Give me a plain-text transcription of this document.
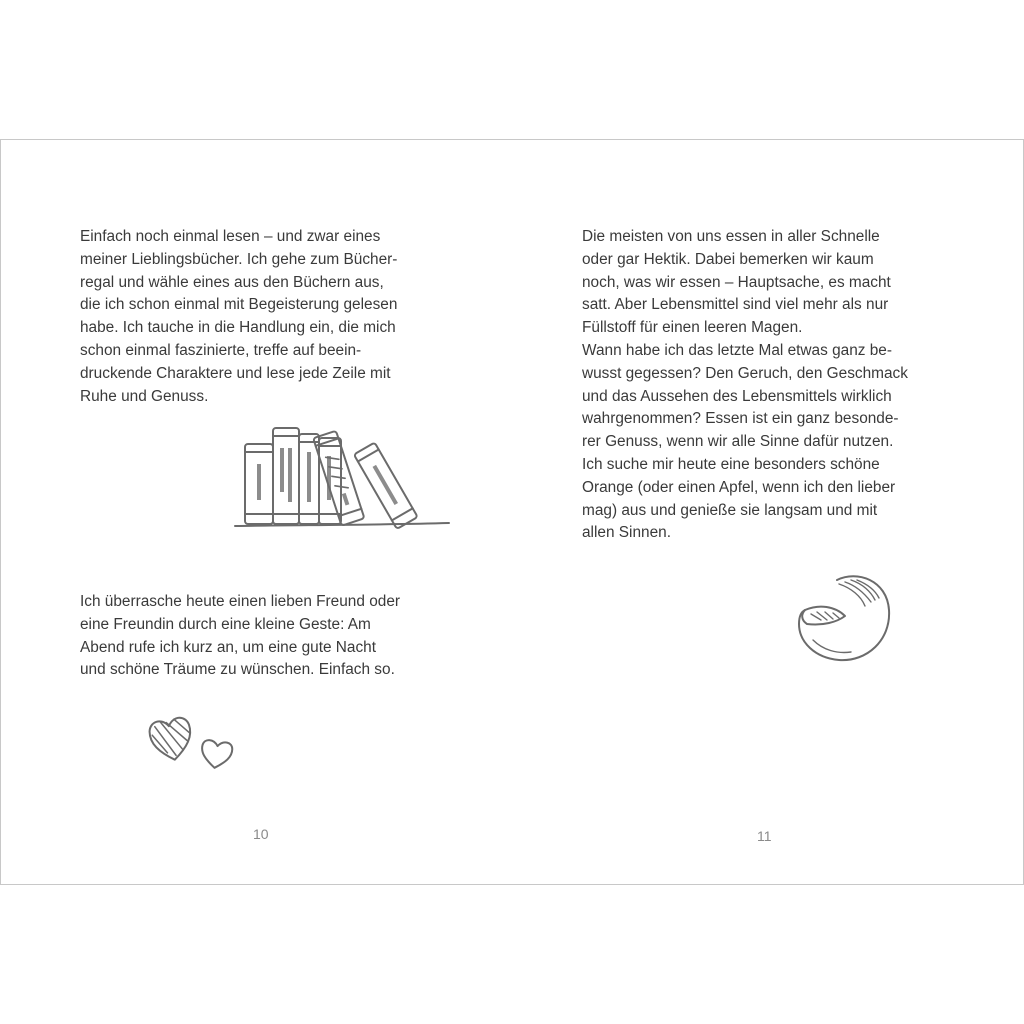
Einfach noch einmal lesen – und zwar eines
meiner Lieblingsbücher. Ich gehe zum Bücher-
regal und wähle eines aus den Büchern aus,
die ich schon einmal mit Begeisterung gelesen
habe. Ich tauche in die Handlung ein, die mich
schon einmal faszinierte, treffe auf beein-
druckende Charaktere und lese jede Zeile mit
Ruhe und Genuss.

Ich überrasche heute einen lieben Freund oder
eine Freundin durch eine kleine Geste: Am
Abend rufe ich kurz an, um eine gute Nacht
und schöne Träume zu wünschen. Einfach so.

10

Die meisten von uns essen in aller Schnelle
oder gar Hektik. Dabei bemerken wir kaum
noch, was wir essen – Hauptsache, es macht
satt. Aber Lebensmittel sind viel mehr als nur
Füllstoff für einen leeren Magen.
Wann habe ich das letzte Mal etwas ganz be-
wusst gegessen? Den Geruch, den Geschmack
und das Aussehen des Lebensmittels wirklich
wahrgenommen? Essen ist ein ganz besonde-
rer Genuss, wenn wir alle Sinne dafür nutzen.
Ich suche mir heute eine besonders schöne
Orange (oder einen Apfel, wenn ich den lieber
mag) aus und genieße sie langsam und mit
allen Sinnen.

11
